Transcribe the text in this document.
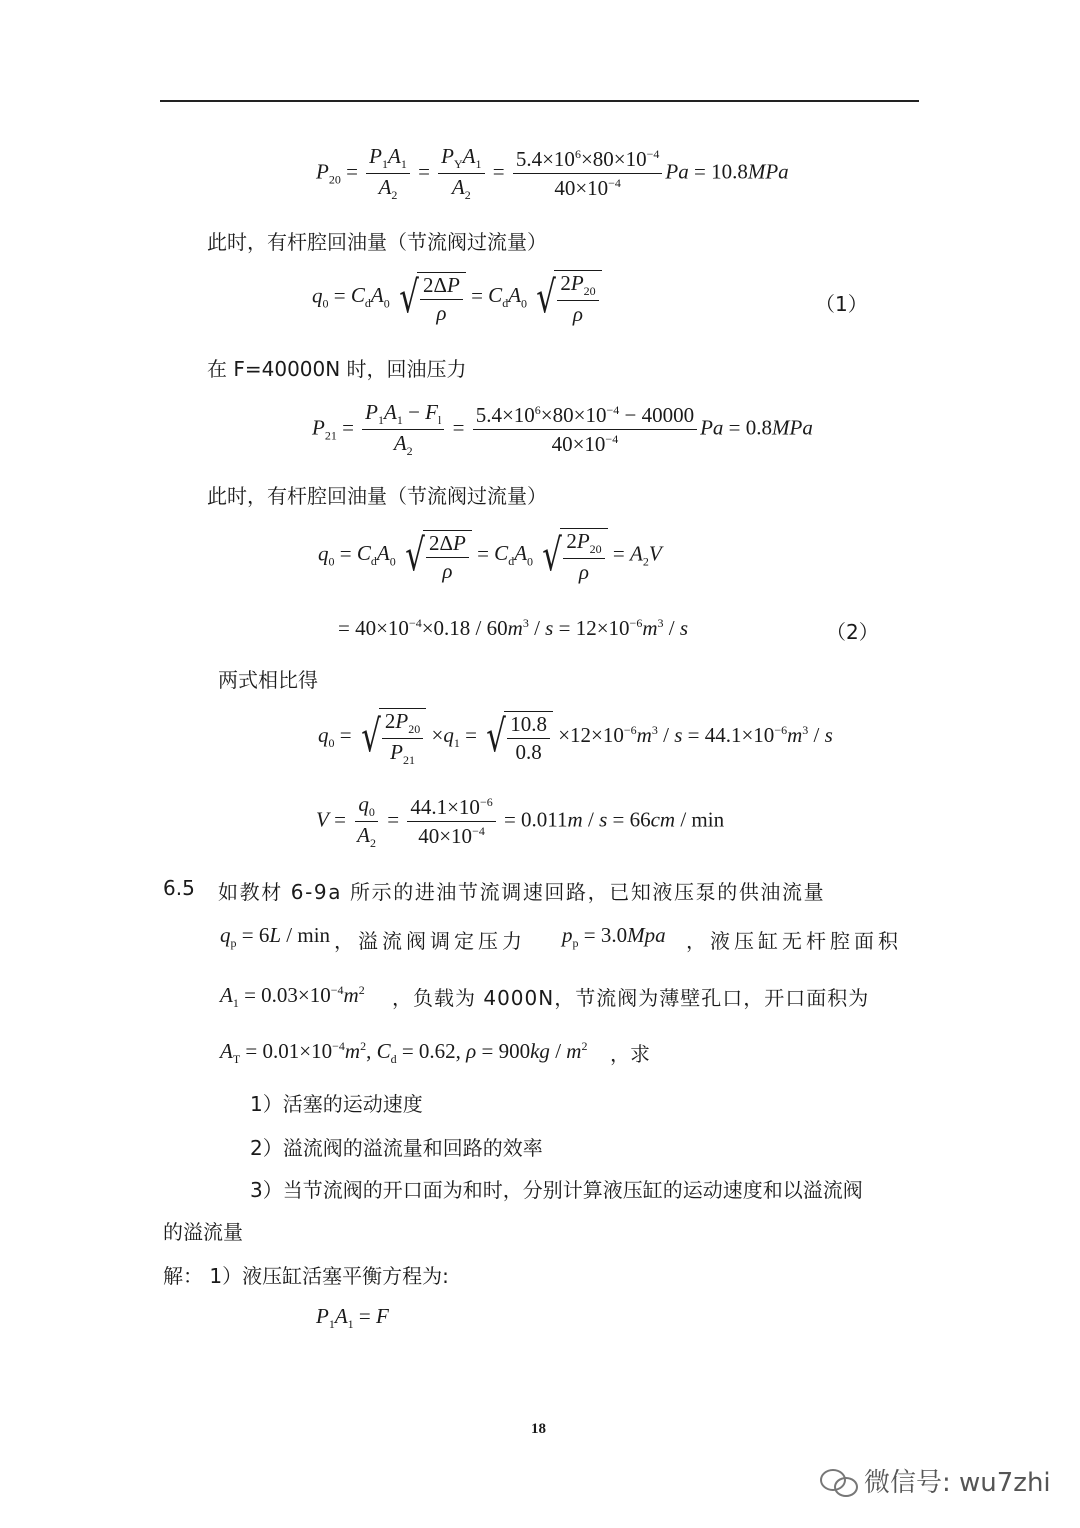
$P_{20} = \frac{P_1A_1}{A_2} = \frac{P_YA_1}{A_2} = \frac{5.4\times 10^6\times 80\times 10^{-4}}{40\times 10^{-4}}$ Pa = 10.8MPa
此时，有杆腔回油量（节流阀过流量）
$q_0 = C_dA_0$ √ $\frac{2\Delta P}{\rho} = C_dA_0$ √ $\frac{2P_{20}}{\rho}$	（1）
在 F=40000N 时，回油压力
$P_{21} = \frac{P_1A_1 - F_l}{A_2} = \frac{5.4\times 10^6\times 80\times 10^{-4} - 40000}{40\times 10^{-4}}$ Pa = 0.8MPa
此时，有杆腔回油量（节流阀过流量）
$q_0 = C_dA_0$ √ $\frac{2\Delta P}{\rho} = C_dA_0$ √ $\frac{2P_{20}}{\rho} = A_2V$
= $40\times 10^{-4}\times 0.18 / 60m^3 / s = 12\times 10^{-6}m^3 / s$	（2）
两式相比得
$q_0$ = √ $\frac{2P_{20}}{P_{21}} \times q_1$ = √ $\frac{10.8}{0.8} \times 12\times 10^{-6}m^3 / s = 44.1\times 10^{-6}m^3 / s$
$V = \frac{q_0}{A_2} = \frac{44.1\times 10^{-6}}{40\times 10^{-4}} = 0.011m / s = 66cm / \min$
6.5 如教材 6-9a 所示的进油节流调速回路，已知液压泵的供油流量
$q_p = 6L / \min$ ，溢流阀调定压力 $p_p = 3.0Mpa$ ，液压缸无杆腔面积
$A_1 = 0.03\times 10^{-4}m^2$ ，负载为 4000N，节流阀为薄壁孔口，开口面积为
$A_T = 0.01\times 10^{-4}m^2$, $C_d = 0.62$, $\rho = 900kg / m^2$ ，求
1）活塞的运动速度
2）溢流阀的溢流量和回路的效率
3）当节流阀的开口面为和时，分别计算液压缸的运动速度和以溢流阀
的溢流量
解： 1）液压缸活塞平衡方程为:
$P_1A_1 = F$
18
微信号: wu7zhi
